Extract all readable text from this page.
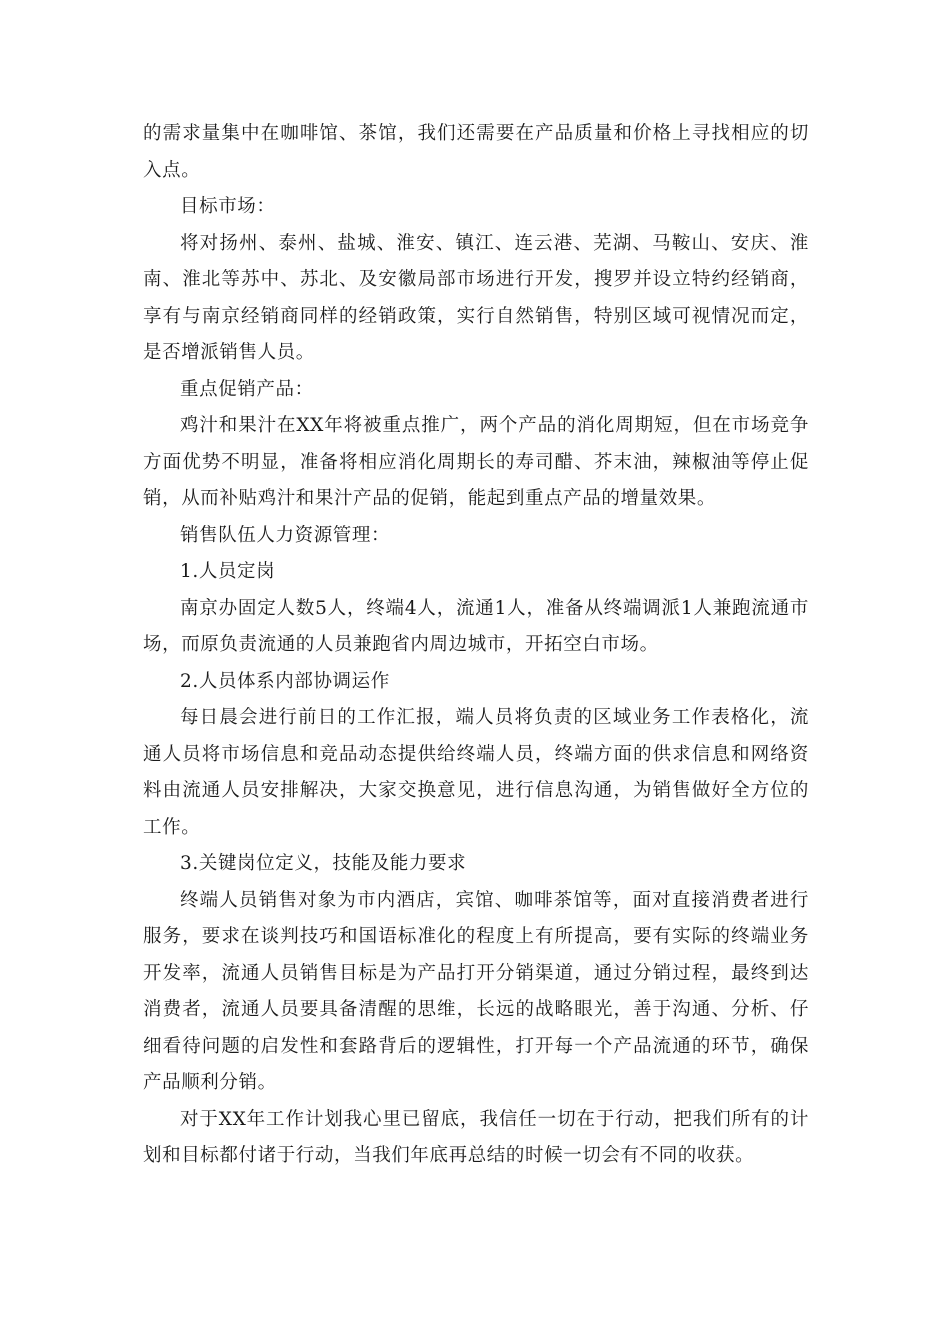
的需求量集中在咖啡馆、茶馆，我们还需要在产品质量和价格上寻找相应的切入点。

目标市场：

将对扬州、泰州、盐城、淮安、镇江、连云港、芜湖、马鞍山、安庆、淮南、淮北等苏中、苏北、及安徽局部市场进行开发，搜罗并设立特约经销商，享有与南京经销商同样的经销政策，实行自然销售，特别区域可视情况而定，是否增派销售人员。

重点促销产品：

鸡汁和果汁在XX年将被重点推广，两个产品的消化周期短，但在市场竞争方面优势不明显，准备将相应消化周期长的寿司醋、芥末油，辣椒油等停止促销，从而补贴鸡汁和果汁产品的促销，能起到重点产品的增量效果。

销售队伍人力资源管理：

1.人员定岗

南京办固定人数5人，终端4人，流通1人，准备从终端调派1人兼跑流通市场，而原负责流通的人员兼跑省内周边城市，开拓空白市场。

2.人员体系内部协调运作

每日晨会进行前日的工作汇报，端人员将负责的区域业务工作表格化，流通人员将市场信息和竞品动态提供给终端人员，终端方面的供求信息和网络资料由流通人员安排解决，大家交换意见，进行信息沟通，为销售做好全方位的工作。

3.关键岗位定义，技能及能力要求

终端人员销售对象为市内酒店，宾馆、咖啡茶馆等，面对直接消费者进行服务，要求在谈判技巧和国语标准化的程度上有所提高，要有实际的终端业务开发率，流通人员销售目标是为产品打开分销渠道，通过分销过程，最终到达消费者，流通人员要具备清醒的思维，长远的战略眼光，善于沟通、分析、仔细看待问题的启发性和套路背后的逻辑性，打开每一个产品流通的环节，确保产品顺利分销。

对于XX年工作计划我心里已留底，我信任一切在于行动，把我们所有的计划和目标都付诸于行动，当我们年底再总结的时候一切会有不同的收获。
